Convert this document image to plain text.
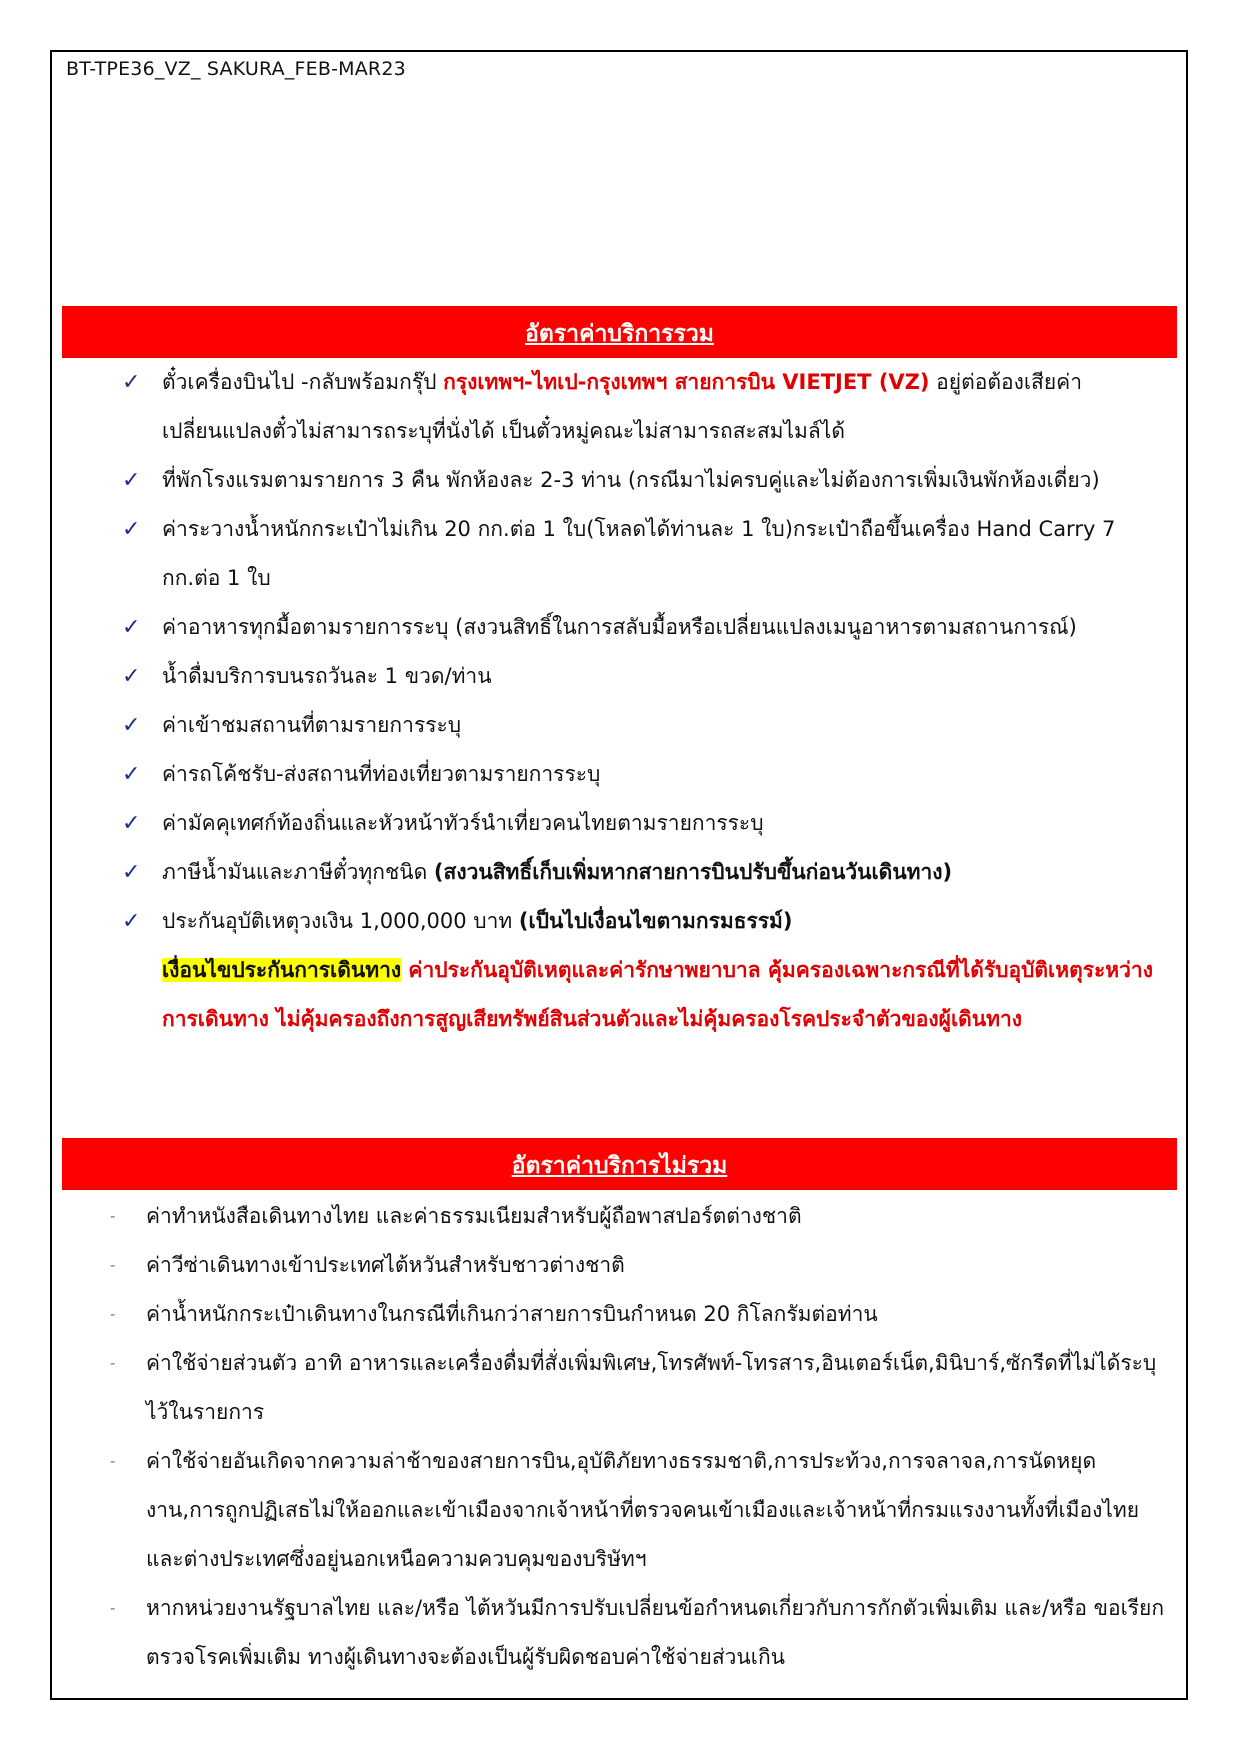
BT-TPE36_VZ_ SAKURA_FEB-MAR23
อัตราค่าบริการรวม
✓ ตั๋วเครื่องบินไป -กลับพร้อมกรุ๊ป กรุงเทพฯ-ไทเป-กรุงเทพฯ สายการบิน VIETJET (VZ) อยู่ต่อต้องเสียค่าเปลี่ยนแปลงตั๋วไม่สามารถระบุที่นั่งได้ เป็นตั๋วหมู่คณะไม่สามารถสะสมไมล์ได้
✓ ที่พักโรงแรมตามรายการ 3 คืน พักห้องละ 2-3 ท่าน (กรณีมาไม่ครบคู่และไม่ต้องการเพิ่มเงินพักห้องเดี่ยว)
✓ ค่าระวางน้ำหนักกระเป๋าไม่เกิน 20 กก.ต่อ 1 ใบ(โหลดได้ท่านละ 1 ใบ)กระเป๋าถือขึ้นเครื่อง Hand Carry 7 กก.ต่อ 1 ใบ
✓ ค่าอาหารทุกมื้อตามรายการระบุ (สงวนสิทธิ์ในการสลับมื้อหรือเปลี่ยนแปลงเมนูอาหารตามสถานการณ์)
✓ น้ำดื่มบริการบนรถวันละ 1 ขวด/ท่าน
✓ ค่าเข้าชมสถานที่ตามรายการระบุ
✓ ค่ารถโค้ชรับ-ส่งสถานที่ท่องเที่ยวตามรายการระบุ
✓ ค่ามัคคุเทศก์ท้องถิ่นและหัวหน้าทัวร์นำเที่ยวคนไทยตามรายการระบุ
✓ ภาษีน้ำมันและภาษีตั๋วทุกชนิด (สงวนสิทธิ์เก็บเพิ่มหากสายการบินปรับขึ้นก่อนวันเดินทาง)
✓ ประกันอุบัติเหตุวงเงิน 1,000,000 บาท (เป็นไปเงื่อนไขตามกรมธรรม์)
เงื่อนไขประกันการเดินทาง ค่าประกันอุบัติเหตุและค่ารักษาพยาบาล คุ้มครองเฉพาะกรณีที่ได้รับอุบัติเหตุระหว่างการเดินทาง ไม่คุ้มครองถึงการสูญเสียทรัพย์สินส่วนตัวและไม่คุ้มครองโรคประจำตัวของผู้เดินทาง
อัตราค่าบริการไม่รวม
- ค่าทำหนังสือเดินทางไทย และค่าธรรมเนียมสำหรับผู้ถือพาสปอร์ตต่างชาติ
- ค่าวีซ่าเดินทางเข้าประเทศไต้หวันสำหรับชาวต่างชาติ
- ค่าน้ำหนักกระเป๋าเดินทางในกรณีที่เกินกว่าสายการบินกำหนด 20 กิโลกรัมต่อท่าน
- ค่าใช้จ่ายส่วนตัว อาทิ อาหารและเครื่องดื่มที่สั่งเพิ่มพิเศษ,โทรศัพท์-โทรสาร,อินเตอร์เน็ต,มินิบาร์,ซักรีดที่ไม่ได้ระบุไว้ในรายการ
- ค่าใช้จ่ายอันเกิดจากความล่าช้าของสายการบิน,อุบัติภัยทางธรรมชาติ,การประท้วง,การจลาจล,การนัดหยุดงาน,การถูกปฏิเสธไม่ให้ออกและเข้าเมืองจากเจ้าหน้าที่ตรวจคนเข้าเมืองและเจ้าหน้าที่กรมแรงงานทั้งที่เมืองไทยและต่างประเทศซึ่งอยู่นอกเหนือความควบคุมของบริษัทฯ
- หากหน่วยงานรัฐบาลไทย และ/หรือ ไต้หวันมีการปรับเปลี่ยนข้อกำหนดเกี่ยวกับการกักตัวเพิ่มเติม และ/หรือ ขอเรียกตรวจโรคเพิ่มเติม ทางผู้เดินทางจะต้องเป็นผู้รับผิดชอบค่าใช้จ่ายส่วนเกิน
